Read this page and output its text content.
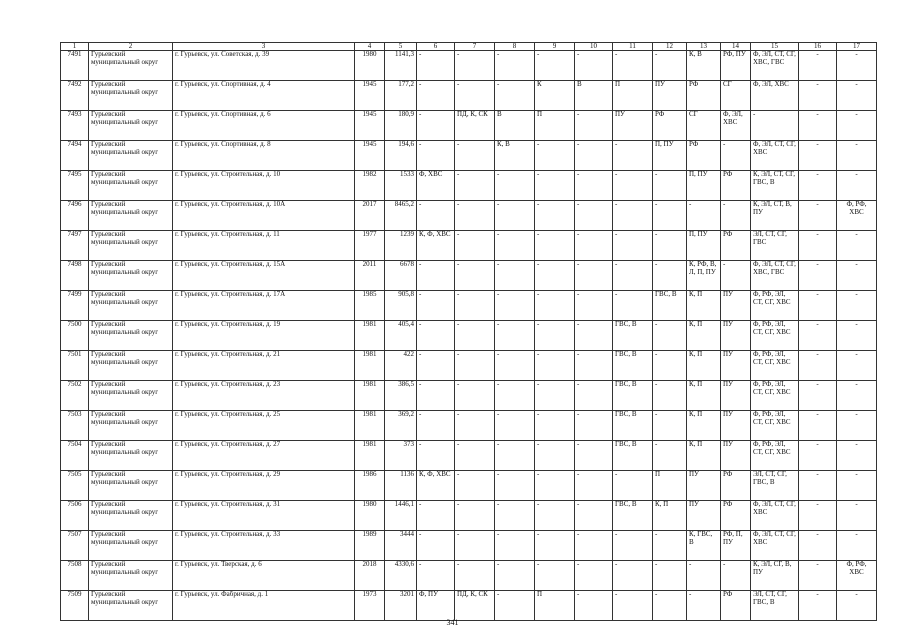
1	2	3	4	5	6	7	8	9	10	11	12	13	14	15	16	17
7491	Гурьевский муниципальный округ	г. Гурьевск, ул. Советская, д. 39	1980	1141,3	-	-	-	-	-	-	-	К, В	РФ, ПУ	Ф, ЭЛ, СТ, СГ, ХВС, ГВС	-	-
7492	Гурьевский муниципальный округ	г. Гурьевск, ул. Спортивная, д. 4	1945	177,2	-	-	-	К	В	П	ПУ	РФ	СГ	Ф, ЭЛ, ХВС	-	-
7493	Гурьевский муниципальный округ	г. Гурьевск, ул. Спортивная, д. 6	1945	180,9	-	ПД, К, СК	В	П	-	ПУ	РФ	СГ	Ф, ЭЛ, ХВС	-	-	-
7494	Гурьевский муниципальный округ	г. Гурьевск, ул. Спортивная, д. 8	1945	194,6	-	-	К, В	-	-	-	П, ПУ	РФ	-	Ф, ЭЛ, СТ, СГ, ХВС	-	-
7495	Гурьевский муниципальный округ	г. Гурьевск, ул. Строительная, д. 10	1982	1533	Ф, ХВС	-	-	-	-	-	-	П, ПУ	РФ	К, ЭЛ, СТ, СГ, ГВС, В	-	-
7496	Гурьевский муниципальный округ	г. Гурьевск, ул. Строительная, д. 10А	2017	8465,2	-	-	-	-	-	-	-	-	-	К, ЭЛ, СТ, В, ПУ	-	Ф, РФ, ХВС
7497	Гурьевский муниципальный округ	г. Гурьевск, ул. Строительная, д. 11	1977	1239	К, Ф, ХВС	-	-	-	-	-	-	П, ПУ	РФ	ЭЛ, СТ, СГ, ГВС	-	-
7498	Гурьевский муниципальный округ	г. Гурьевск, ул. Строительная, д. 15А	2011	6678	-	-	-	-	-	-	-	К, РФ, В, Л, П, ПУ	-	Ф, ЭЛ, СТ, СГ, ХВС, ГВС	-	-
7499	Гурьевский муниципальный округ	г. Гурьевск, ул. Строительная, д. 17А	1985	905,8	-	-	-	-	-	-	ГВС, В	К, П	ПУ	Ф, РФ, ЭЛ, СТ, СГ, ХВС	-	-
7500	Гурьевский муниципальный округ	г. Гурьевск, ул. Строительная, д. 19	1981	405,4	-	-	-	-	-	ГВС, В	-	К, П	ПУ	Ф, РФ, ЭЛ, СТ, СГ, ХВС	-	-
7501	Гурьевский муниципальный округ	г. Гурьевск, ул. Строительная, д. 21	1981	422	-	-	-	-	-	ГВС, В	-	К, П	ПУ	Ф, РФ, ЭЛ, СТ, СГ, ХВС	-	-
7502	Гурьевский муниципальный округ	г. Гурьевск, ул. Строительная, д. 23	1981	386,5	-	-	-	-	-	ГВС, В	-	К, П	ПУ	Ф, РФ, ЭЛ, СТ, СГ, ХВС	-	-
7503	Гурьевский муниципальный округ	г. Гурьевск, ул. Строительная, д. 25	1981	369,2	-	-	-	-	-	ГВС, В	-	К, П	ПУ	Ф, РФ, ЭЛ, СТ, СГ, ХВС	-	-
7504	Гурьевский муниципальный округ	г. Гурьевск, ул. Строительная, д. 27	1981	373	-	-	-	-	-	ГВС, В	-	К, П	ПУ	Ф, РФ, ЭЛ, СТ, СГ, ХВС	-	-
7505	Гурьевский муниципальный округ	г. Гурьевск, ул. Строительная, д. 29	1986	1136	К, Ф, ХВС	-	-	-	-	-	П	ПУ	РФ	ЭЛ, СТ, СГ, ГВС, В	-	-
7506	Гурьевский муниципальный округ	г. Гурьевск, ул. Строительная, д. 31	1980	1446,1	-	-	-	-	-	ГВС, В	К, П	ПУ	РФ	Ф, ЭЛ, СТ, СГ, ХВС	-	-
7507	Гурьевский муниципальный округ	г. Гурьевск, ул. Строительная, д. 33	1989	3444	-	-	-	-	-	-	-	К, ГВС, В	РФ, П, ПУ	Ф, ЭЛ, СТ, СГ, ХВС	-	-
7508	Гурьевский муниципальный округ	г. Гурьевск, ул. Тверская, д. 6	2018	4330,6	-	-	-	-	-	-	-	-	-	К, ЭЛ, СГ, В, ПУ	-	Ф, РФ, ХВС
7509	Гурьевский муниципальный округ	г. Гурьевск, ул. Фабричная, д. 1	1973	3201	Ф, ПУ	ПД, К, СК	-	П	-	-	-	-	РФ	ЭЛ, СТ, СГ, ГВС, В	-	-
341
